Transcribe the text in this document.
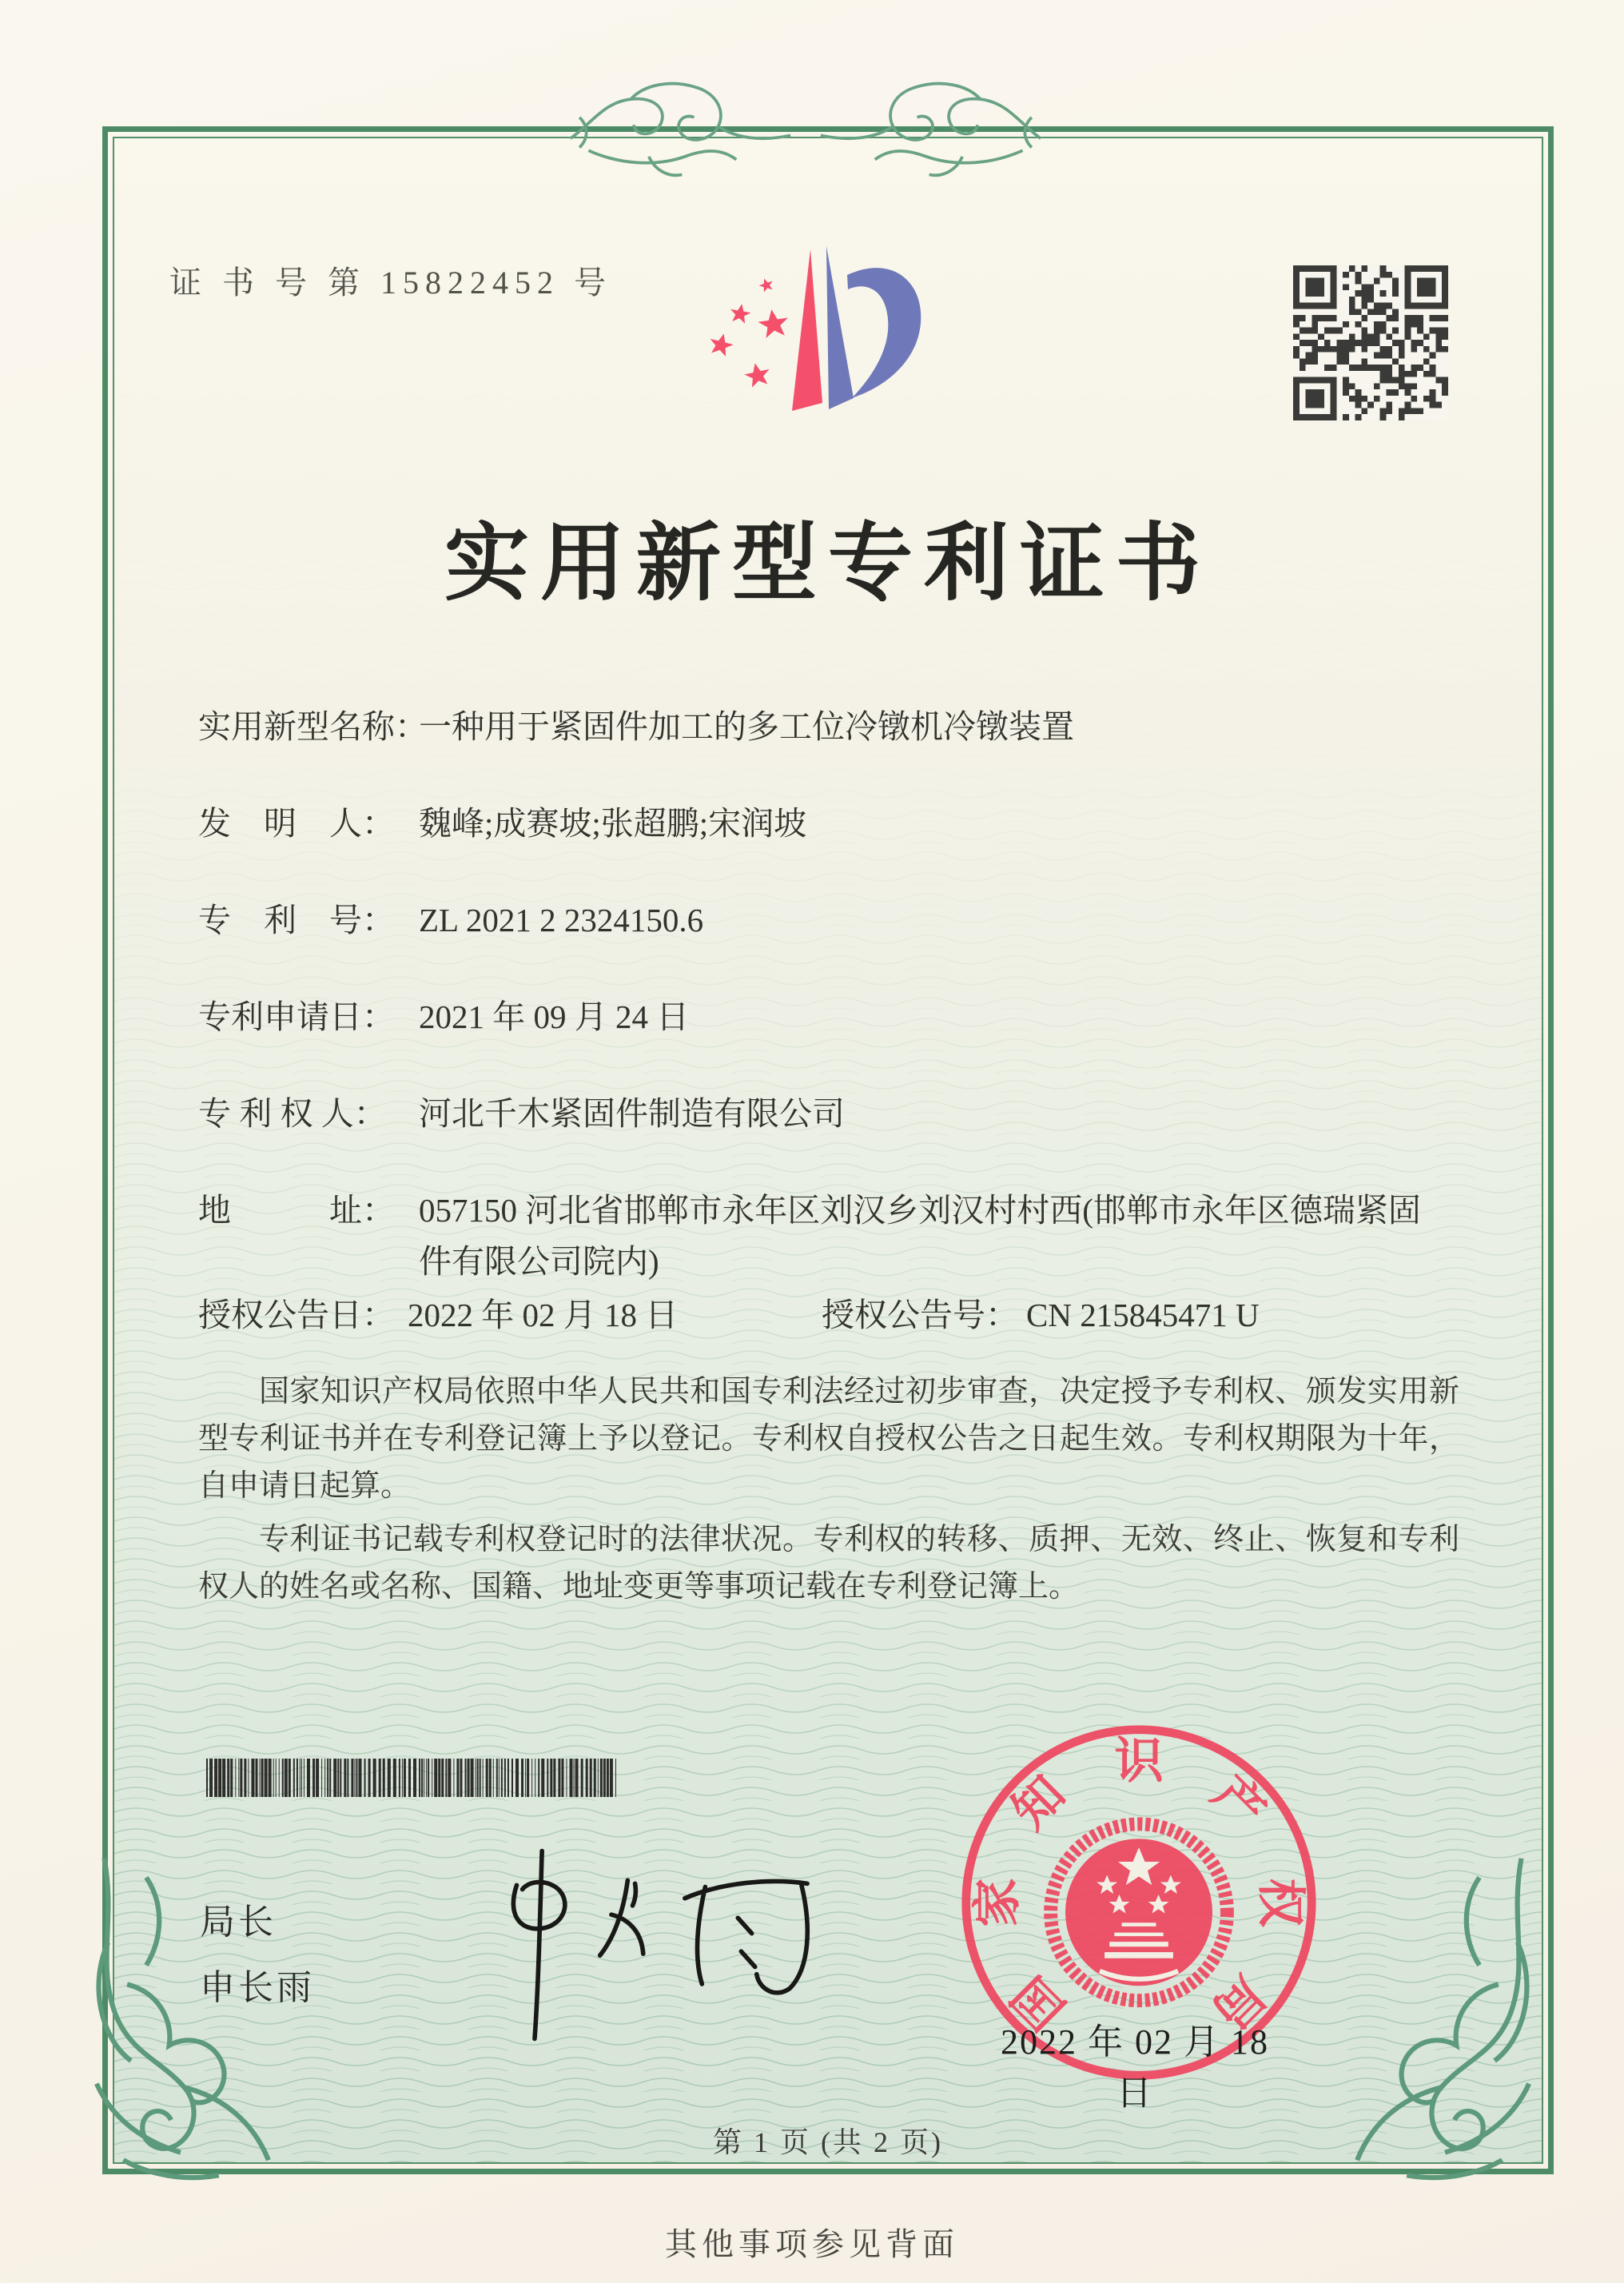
证 书 号 第 15822452 号
实用新型专利证书
实用新型名称：一种用于紧固件加工的多工位冷镦机冷镦装置
发　明　人： 魏峰;成赛坡;张超鹏;宋润坡
专　利　号： ZL 2021 2 2324150.6
专利申请日： 2021 年 09 月 24 日
专 利 权 人： 河北千木紧固件制造有限公司
地　　　址： 057150 河北省邯郸市永年区刘汉乡刘汉村村西(邯郸市永年区德瑞紧固件有限公司院内)
授权公告日： 2022 年 02 月 18 日	授权公告号： CN 215845471 U

国家知识产权局依照中华人民共和国专利法经过初步审查，决定授予专利权、颁发实用新型专利证书并在专利登记簿上予以登记。专利权自授权公告之日起生效。专利权期限为十年，自申请日起算。

专利证书记载专利权登记时的法律状况。专利权的转移、质押、无效、终止、恢复和专利权人的姓名或名称、国籍、地址变更等事项记载在专利登记簿上。

局长
申长雨	国
家
知
识
产
权
局
2022 年 02 月 18 日
第 1 页 (共 2 页)
其他事项参见背面
